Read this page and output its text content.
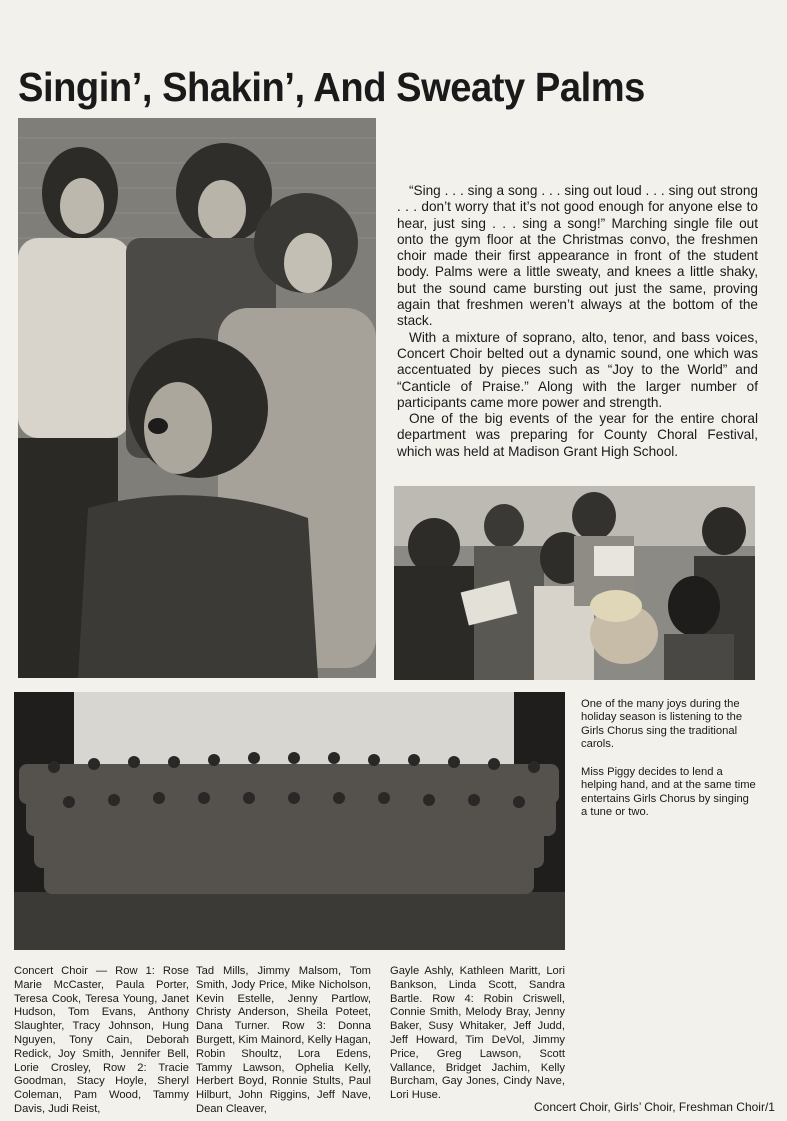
Singin’, Shakin’, And Sweaty Palms

“Sing . . . sing a song . . . sing out loud . . . sing out strong . . . don’t worry that it’s not good enough for anyone else to hear, just sing . . . sing a song!” Marching single file out onto the gym floor at the Christmas convo, the freshmen choir made their first appearance in front of the student body. Palms were a little sweaty, and knees a little shaky, but the sound came bursting out just the same, proving again that freshmen weren’t always at the bottom of the stack.

With a mixture of soprano, alto, tenor, and bass voices, Concert Choir belted out a dynamic sound, one which was accentuated by pieces such as “Joy to the World” and “Canticle of Praise.” Along with the larger number of participants came more power and strength.

One of the big events of the year for the entire choral department was preparing for County Choral Festival, which was held at Madison Grant High School.

One of the many joys during the holiday season is listening to the Girls Chorus sing the traditional carols.
Miss Piggy decides to lend a helping hand, and at the same time entertains Girls Chorus by singing a tune or two.
Concert Choir — Row 1: Rose Marie McCaster, Paula Porter, Teresa Cook, Teresa Young, Janet Hudson, Tom Evans, Anthony Slaughter, Tracy Johnson, Hung Nguyen, Tony Cain, Deborah Redick, Joy Smith, Jennifer Bell, Lorie Crosley, Row 2: Tracie Goodman, Stacy Hoyle, Sheryl Coleman, Pam Wood, Tammy Davis, Judi Reist,
Tad Mills, Jimmy Malsom, Tom Smith, Jody Price, Mike Nicholson, Kevin Estelle, Jenny Partlow, Christy Anderson, Sheila Poteet, Dana Turner. Row 3: Donna Burgett, Kim Mainord, Kelly Hagan, Robin Shoultz, Lora Edens, Tammy Lawson, Ophelia Kelly, Herbert Boyd, Ronnie Stults, Paul Hilburt, John Riggins, Jeff Nave, Dean Cleaver,
Gayle Ashly, Kathleen Maritt, Lori Bankson, Linda Scott, Sandra Bartle. Row 4: Robin Criswell, Connie Smith, Melody Bray, Jenny Baker, Susy Whitaker, Jeff Judd, Jeff Howard, Tim DeVol, Jimmy Price, Greg Lawson, Scott Vallance, Bridget Jachim, Kelly Burcham, Gay Jones, Cindy Nave, Lori Huse.
Concert Choir, Girls’ Choir, Freshman Choir/1
